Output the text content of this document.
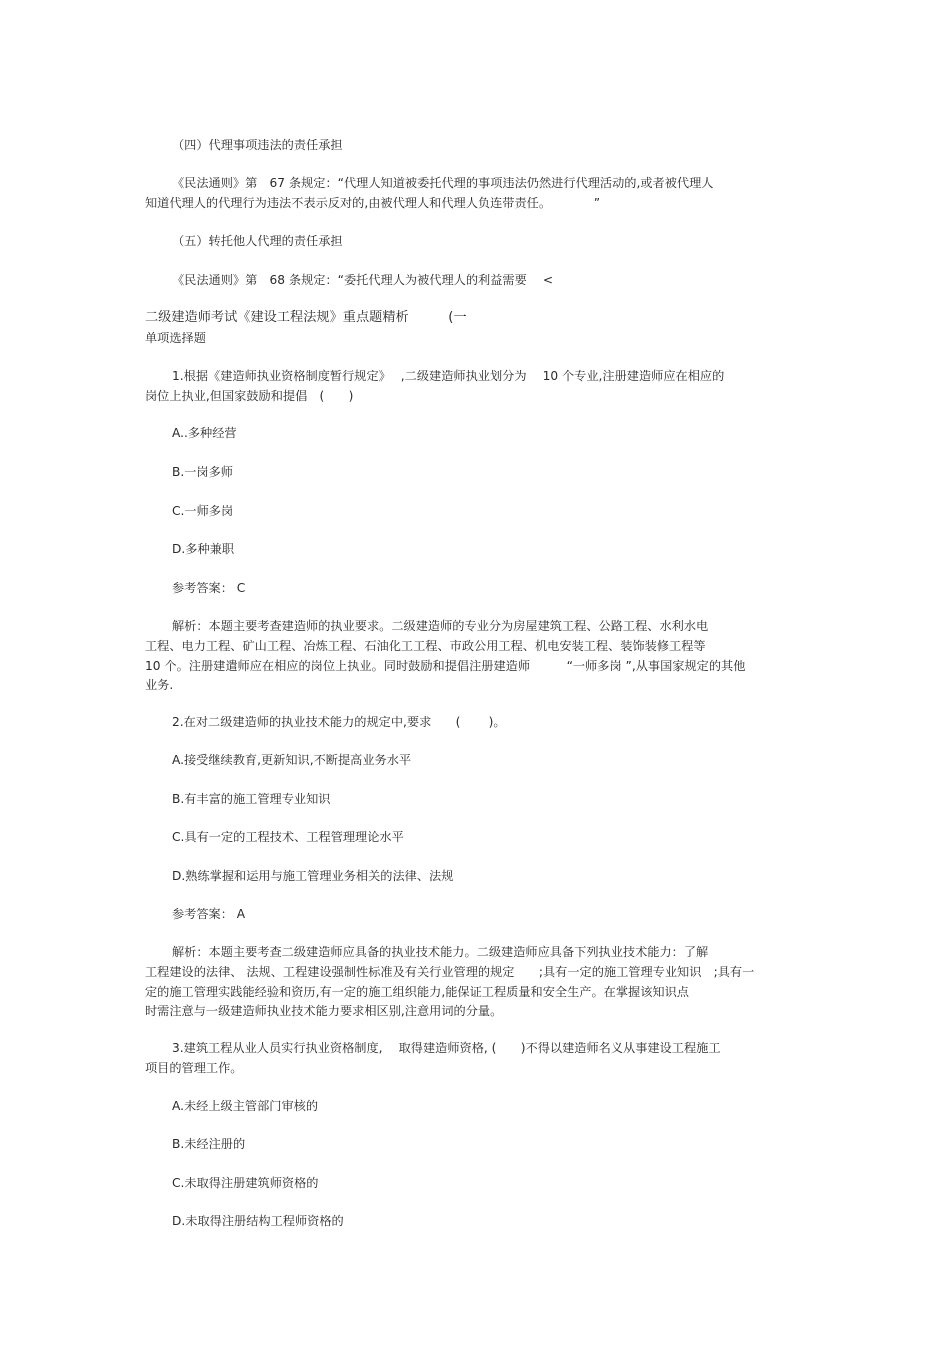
（四）代理事项违法的责任承担
《民法通则》第　67 条规定：“代理人知道被委托代理的事项违法仍然进行代理活动的,或者被代理人
知道代理人的代理行为违法不表示反对的,由被代理人和代理人负连带责任。　　　　”
（五）转托他人代理的责任承担
《民法通则》第　68 条规定：“委托代理人为被代理人的利益需要　 <
二级建造师考试《建设工程法规》重点题精析　　　(一
单项选择题
1.根据《建造师执业资格制度暂行规定》　 ,二级建造师执业划分为　 10 个专业,注册建造师应在相应的
岗位上执业,但国家鼓励和提倡　(　　)
A..多种经营
B.一岗多师
C.一师多岗
D.多种兼职
参考答案： C
解析：本题主要考查建造师的执业要求。二级建造师的专业分为房屋建筑工程、公路工程、水利水电
工程、电力工程、矿山工程、冶炼工程、石油化工工程、市政公用工程、机电安装工程、装饰装修工程等
10 个。注册建遣师应在相应的岗位上执业。同时鼓励和提倡注册建造师　　　“一师多岗 ”,从事国家规定的其他
业务.
2.在对二级建造师的执业技术能力的规定中,要求　　(　　 )。
A.接受继续教育,更新知识,不断提高业务水平
B.有丰富的施工管理专业知识
C.具有一定的工程技术、工程管理理论水平
D.熟练掌握和运用与施工管理业务相关的法律、法规
参考答案： A
解析：本题主要考查二级建造师应具备的执业技术能力。二级建造师应具备下列执业技术能力：了解
工程建设的法律、 法规、工程建设强制性标准及有关行业管理的规定　　;具有一定的施工管理专业知识　;具有一
定的施工管理实践能经验和资历,有一定的施工组织能力,能保证工程质量和安全生产。在掌握该知识点
时需注意与一级建造师执业技术能力要求相区别,注意用词的分量。
3.建筑工程从业人员实行执业资格制度,　 取得建造师资格, (　　)不得以建造师名义从事建设工程施工
项目的管理工作。
A.未经上级主管部门审核的
B.未经注册的
C.未取得注册建筑师资格的
D.未取得注册结构工程师资格的
